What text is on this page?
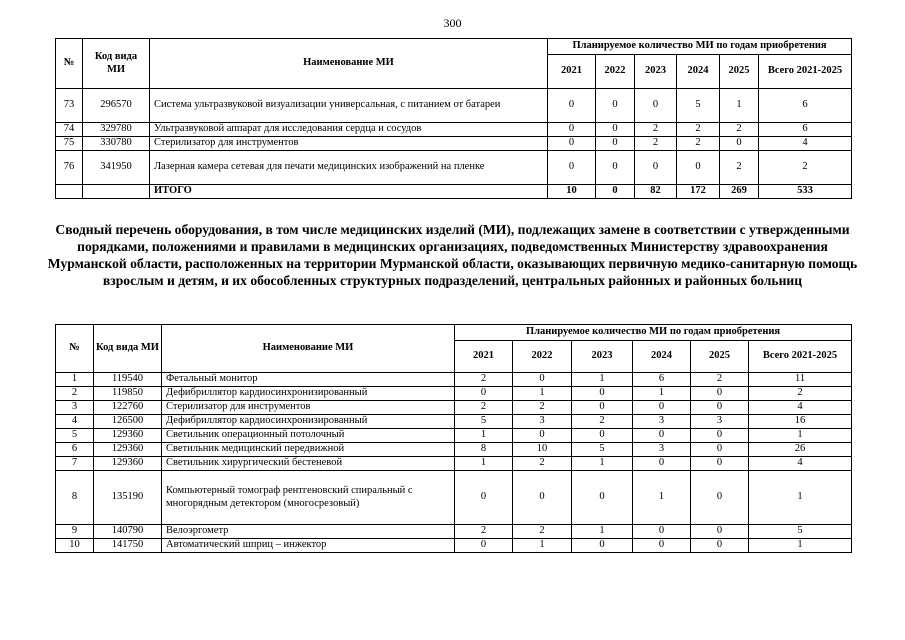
300
№	Код вида МИ	Наименование МИ	Планируемое количество МИ по годам приобретения					
			2021	2022	2023	2024	2025	Всего 2021-2025
73	296570	Система ультразвуковой визуализации универсальная, с питанием от батареи	0	0	0	5	1	6
74	329780	Ультразвуковой аппарат для исследования сердца и сосудов	0	0	2	2	2	6
75	330780	Стерилизатор для инструментов	0	0	2	2	0	4
76	341950	Лазерная камера сетевая для печати медицинских изображений на пленке	0	0	0	0	2	2
		ИТОГО	10	0	82	172	269	533
Сводный перечень оборудования, в том числе медицинских изделий (МИ), подлежащих замене в соответствии с утвержденными порядками, положениями и правилами в медицинских организациях, подведомственных Министерству здравоохранения Мурманской области, расположенных на территории Мурманской области, оказывающих первичную медико-санитарную помощь взрослым и детям, и их обособленных структурных подразделений, центральных районных и районных больниц
№	Код вида МИ	Наименование МИ	Планируемое количество МИ по годам приобретения					
			2021	2022	2023	2024	2025	Всего 2021-2025
1	119540	Фетальный монитор	2	0	1	6	2	11
2	119850	Дефибриллятор кардиосинхронизированный	0	1	0	1	0	2
3	122760	Стерилизатор для инструментов	2	2	0	0	0	4
4	126500	Дефибриллятор кардиосинхронизированный	5	3	2	3	3	16
5	129360	Светильник операционный потолочный	1	0	0	0	0	1
6	129360	Светильник медицинский передвижной	8	10	5	3	0	26
7	129360	Светильник хирургический бестеневой	1	2	1	0	0	4
8	135190	Компьютерный томограф рентгеновский спиральный с многорядным детектором (многосрезовый)	0	0	0	1	0	1
9	140790	Велоэргометр	2	2	1	0	0	5
10	141750	Автоматический шприц – инжектор	0	1	0	0	0	1
